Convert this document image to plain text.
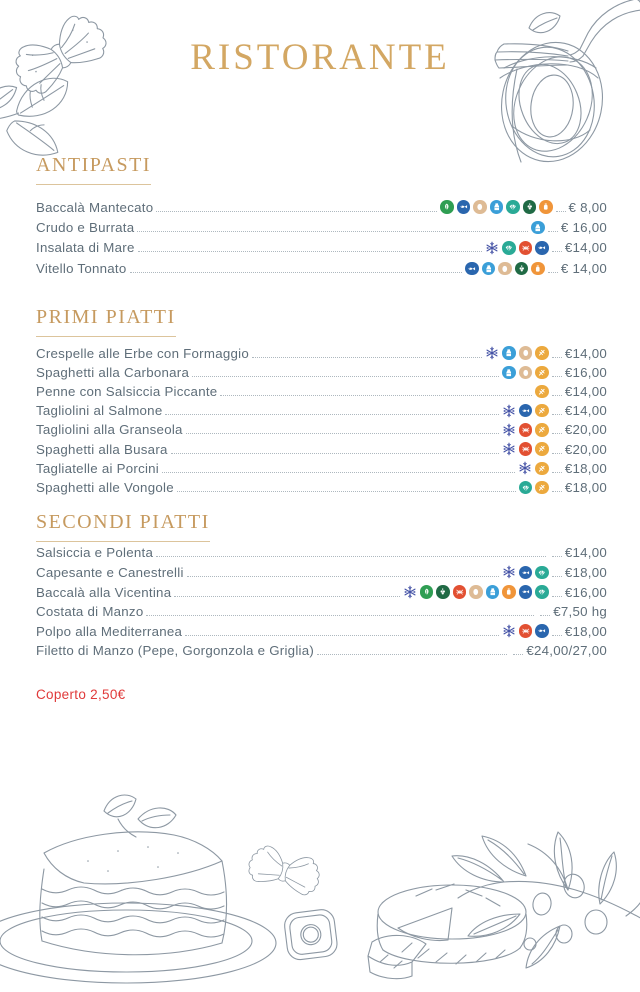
RISTORANTE
ANTIPASTI
Baccalà Mantecato	€ 8,00
Crudo e Burrata	€ 16,00
Insalata di Mare	€14,00
Vitello Tonnato	€ 14,00
PRIMI PIATTI
Crespelle alle Erbe con Formaggio	€14,00
Spaghetti alla Carbonara	€16,00
Penne con Salsiccia Piccante	€14,00
Tagliolini al Salmone	€14,00
Tagliolini alla Granseola	€20,00
Spaghetti alla Busara	€20,00
Tagliatelle ai Porcini	€18,00
Spaghetti alle Vongole	€18,00
SECONDI PIATTI
Salsiccia e Polenta	€14,00
Capesante e Canestrelli	€18,00
Baccalà alla Vicentina	€16,00
Costata di Manzo	€7,50 hg
Polpo alla Mediterranea	€18,00
Filetto di Manzo (Pepe, Gorgonzola e Griglia)	€24,00/27,00
Coperto 2,50€
